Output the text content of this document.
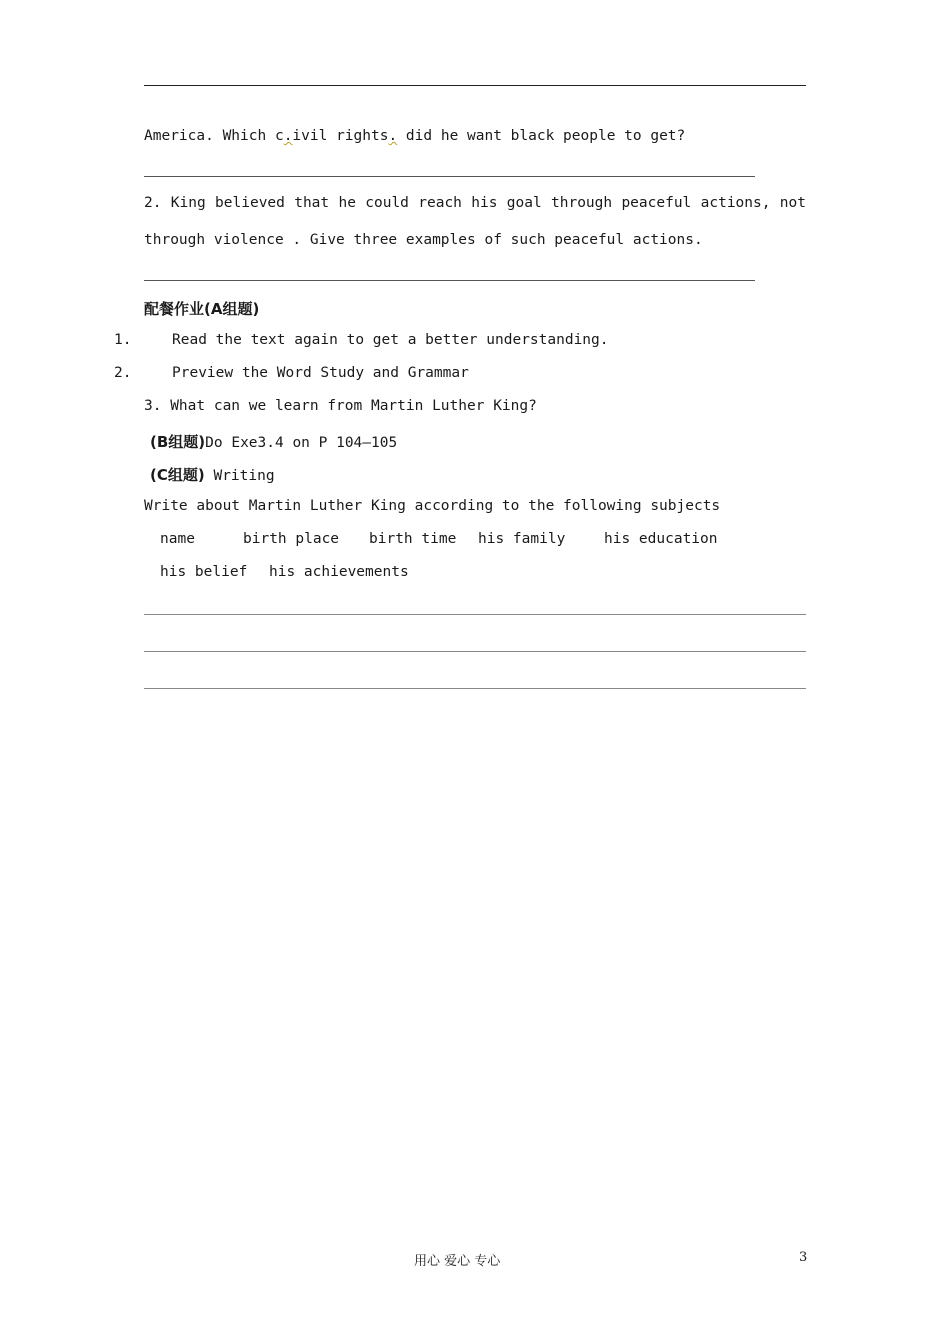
America. Which c.ivil rights. did he want black people to get?
2. King believed that he could reach his goal through peaceful actions, not
through violence . Give three examples of such peaceful actions.
配餐作业(A组题)
1.	Read the text again to get a better understanding.
2.	Preview the Word Study and Grammar
3. What can we learn from Martin Luther King?
(B组题)Do Exe3.4 on P 104—105
(C组题) Writing
Write about Martin Luther King according to the following subjects
name	birth place birth time his family	his education
his belief his achievements
用心 爱心 专心	3
